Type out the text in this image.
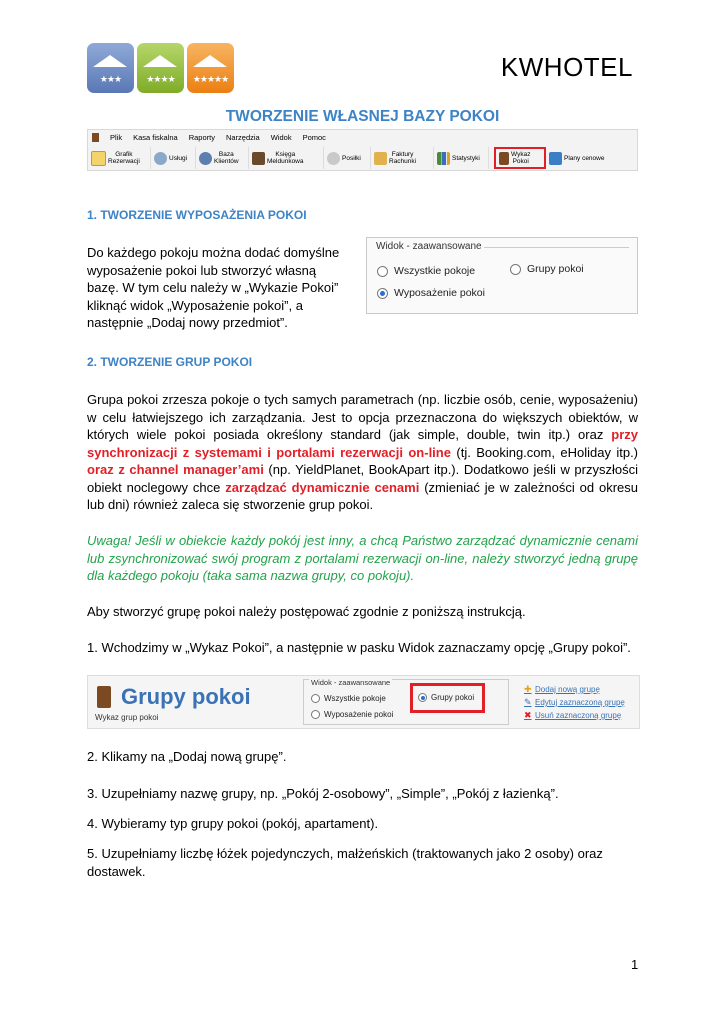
★★★	★★★★	★★★★★	KWHOTEL
TWORZENIE WŁASNEJ BAZY POKOI
Plik Kasa fiskalna Raporty Narzędzia Widok Pomoc
Grafik
Rezerwacji	Usługi	Baza
Klientów
Księga
Meldunkowa	Posiłki	Faktury
Rachunki	Statystyki	Wykaz
Pokoi	Plany cenowe
1. TWORZENIE WYPOSAŻENIA POKOI
Do każdego pokoju można dodać domyślne
wyposażenie pokoi lub stworzyć własną
bazę. W tym celu należy w „Wykazie Pokoi”
kliknąć widok „Wyposażenie pokoi”, a
następnie „Dodaj nowy przedmiot”.
Widok - zaawansowane
Wszystkie pokoje	Grupy pokoi
Wyposażenie pokoi
2. TWORZENIE GRUP POKOI
Grupa pokoi zrzesza pokoje o tych samych parametrach (np. liczbie osób, cenie, wyposażeniu) w celu łatwiejszego ich zarządzania. Jest to opcja przeznaczona do większych obiektów, w których wiele pokoi posiada określony standard (jak simple, double, twin itp.) oraz przy synchronizacji z systemami i portalami rezerwacji on-line (tj. Booking.com, eHoliday itp.) oraz z channel manager’ami (np. YieldPlanet, BookApart itp.). Dodatkowo jeśli w przyszłości obiekt noclegowy chce zarządzać dynamicznie cenami (zmieniać je w zależności od okresu lub dni) również zaleca się stworzenie grup pokoi.
Uwaga! Jeśli w obiekcie każdy pokój jest inny, a chcą Państwo zarządzać dynamicznie cenami lub zsynchronizować swój program z portalami rezerwacji on-line, należy stworzyć jedną grupę dla każdego pokoju (taka sama nazwa grupy, co pokoju).
Aby stworzyć grupę pokoi należy postępować zgodnie z poniższą instrukcją.
1. Wchodzimy w „Wykaz Pokoi”, a następnie w pasku Widok zaznaczamy opcję „Grupy pokoi”.
Grupy pokoi
Wykaz grup pokoi
Widok - zaawansowane
Wszystkie pokoje
Wyposażenie pokoi
Grupy pokoi
✚ Dodaj nową grupę
✎ Edytuj zaznaczoną grupę
✖ Usuń zaznaczoną grupę
2. Klikamy na „Dodaj nową grupę”.
3. Uzupełniamy nazwę grupy, np. „Pokój 2-osobowy”, „Simple”, „Pokój z łazienką”.
4. Wybieramy typ grupy pokoi (pokój, apartament).
5. Uzupełniamy liczbę łóżek pojedynczych, małżeńskich (traktowanych jako 2 osoby) oraz dostawek.
1
